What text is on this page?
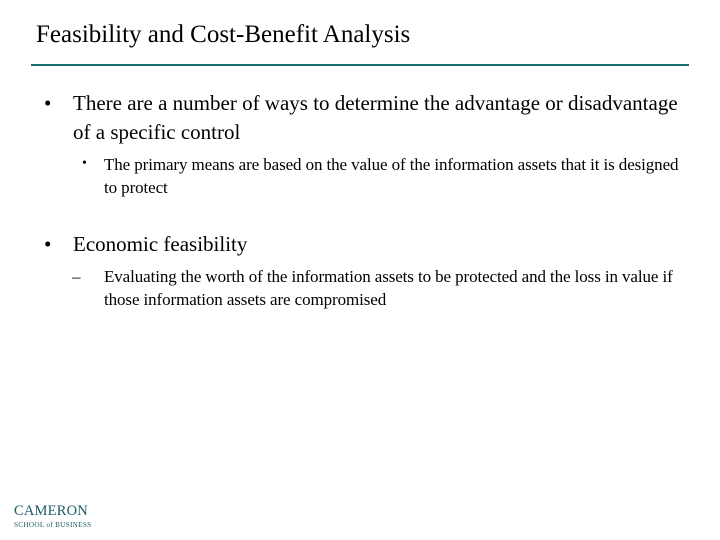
Feasibility and Cost-Benefit Analysis
• There are a number of ways to determine the advantage or disadvantage of a specific control
• The primary means are based on the value of the information assets that it is designed to protect
• Economic feasibility
– Evaluating the worth of the information assets to be protected and the loss in value if those information assets are compromised
CAMERON
SCHOOL of BUSINESS
